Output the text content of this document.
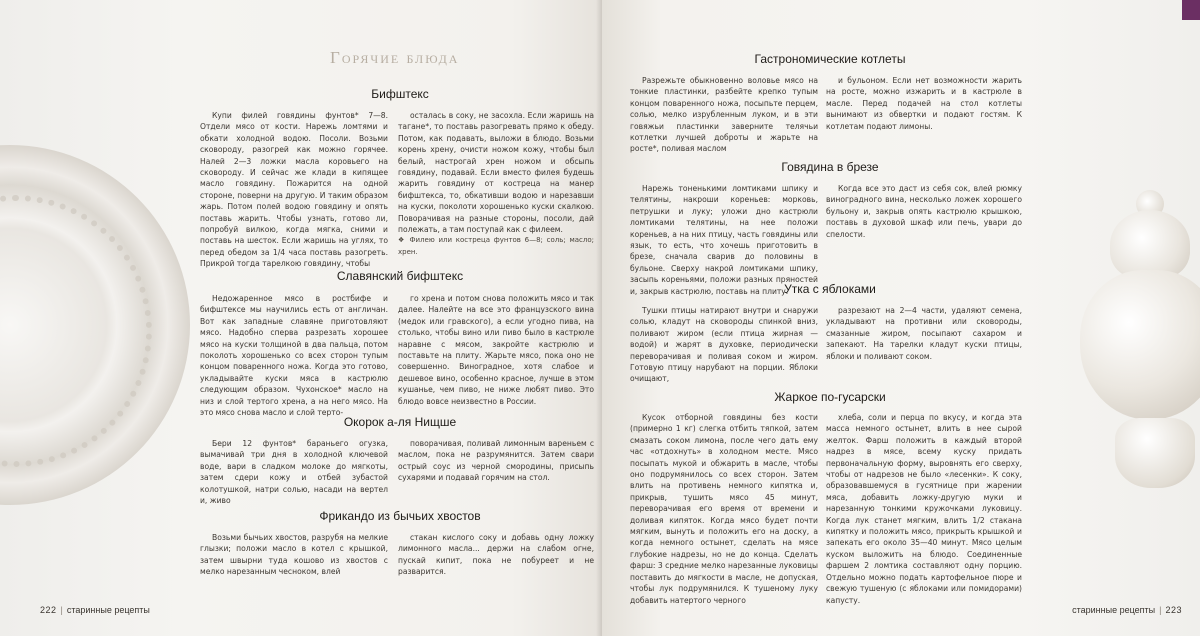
Горячие блюда
Бифштекс

Купи филей говядины фунтов* 7—8. Отдели мясо от кости. Нарежь ломтями и обкати холодной водою. Посоли. Возьми сковороду, разогрей как можно горячее. Налей 2—3 ложки масла коровьего на сковороду. И сейчас же клади в кипящее масло говядину. Пожарится на одной стороне, поверни на другую. И таким образом жарь. Потом полей водою говядину и опять поставь жарить. Чтобы узнать, готово ли, попробуй вилкою, когда мягка, сними и поставь на шесток. Если жаришь на углях, то перед обедом за 1/4 часа поставь разогреть. Прикрой тогда тарелкою говядину, чтобы

осталась в соку, не засохла. Если жаришь на тагане*, то поставь разогревать прямо к обеду. Потом, как подавать, выложи в блюдо. Возьми корень хрену, очисти ножом кожу, чтобы был белый, настрогай хрен ножом и обсыпь говядину, подавай. Если вместо филея будешь жарить говядину от костреца на манер бифштекса, то, обкативши водою и нарезавши на куски, поколоти хорошенько куски скалкою. Поворачивая на разные стороны, посоли, дай полежать, а там поступай как с филеем.

❖ Филею или кострецa фунтов 6—8; соль; масло; хрен.
Славянский бифштекс

Недожаренное мясо в ростбифе и бифштексе мы научились есть от англичан. Вот как западные славяне приготовляют мясо. Надобно сперва разрезать хорошее мясо на куски толщиной в два пальца, потом поколоть хорошенько со всех сторон тупым концом поваренного ножа. Когда это готово, укладывайте куски мяса в кастрюлю следующим образом. Чухонское* масло на низ и слой тертого хрена, а на него мясо. На это мясо снова масло и слой терто-

го хрена и потом снова положить мясо и так далее. Налейте на все это французского вина (медок или гравского), а если угодно пива, на столько, чтобы вино или пиво было в кастрюле наравне с мясом, закройте кастрюлю и поставьте на плиту. Жарьте мясо, пока оно не совершенно. Виноградное, хотя слабое и дешевое вино, особенно красное, лучше в этом кушанье, чем пиво, не ниже любят пиво. Это блюдо вовсе неизвестно в России.

Окорок а-ля Нищше

Бери 12 фунтов* бараньего огузка, вымачивай три дня в холодной ключевой воде, вари в сладком молоке до мягкоты, затем сдери кожу и отбей зубастой колотушкой, натри солью, насади на вертел и, живо

поворачивая, поливай лимонным вареньем с маслом, пока не разрумянится. Затем свари острый соус из черной смородины, присыпь сухарями и подавай горячим на стол.

Фрикандо из бычьих хвостов

Возьми бычьих хвостов, разрубя на мелкие глызки; положи масло в котел с крышкой, затем швырни туда кошово из хвостов с мелко нарезанным чесноком, влей

стакан кислого соку и добавь одну ложку лимонного масла... держи на слабом огне, пускай кипит, пока не побуреет и не разварится.

222 | старинные рецепты
Гастрономические котлеты

Разрежьте обыкновенно воловье мясо на тонкие пластинки, разбейте крепко тупым концом поваренного ножа, посыпьте перцем, солью, мелко изрубленным луком, и в эти говяжьи пластинки заверните телячьи котлетки лучшей доброты и жарьте на росте*, поливая маслом

и бульоном. Если нет возможности жарить на росте, можно изжарить и в кастрюле в масле. Перед подачей на стол котлеты вынимают из обвертки и подают гостям. К котлетам подают лимоны.

Говядина в брезе

Нарежь тоненькими ломтиками шпику и телятины, накроши кореньев: морковь, петрушки и луку; уложи дно кастрюли ломтиками телятины, на нее положи кореньев, а на них птицу, часть говядины или язык, то есть, что хочешь приготовить в брезе, сначала сварив до половины в бульоне. Сверху накрой ломтиками шпику, засыпь кореньями, положи разных пряностей и, закрыв кастрюлю, поставь на плиту.

Когда все это даст из себя сок, влей рюмку виноградного вина, несколько ложек хорошего бульону и, закрыв опять кастрюлю крышкою, поставь в духовой шкаф или печь, увари до спелости.

Утка с яблоками

Тушки птицы натирают внутри и снаружи солью, кладут на сковороды спинкой вниз, поливают жиром (если птица жирная — водой) и жарят в духовке, периодически переворачивая и поливая соком и жиром. Готовую птицу нарубают на порции. Яблоки очищают,

разрезают на 2—4 части, удаляют семена, укладывают на противни или сковороды, смазанные жиром, посыпают сахаром и запекают. На тарелки кладут куски птицы, яблоки и поливают соком.

Жаркое по-гусарски

Кусок отборной говядины без кости (примерно 1 кг) слегка отбить тяпкой, затем смазать соком лимона, после чего дать ему час «отдохнуть» в холодном месте. Мясо посыпать мукой и обжарить в масле, чтобы оно подрумянилось со всех сторон. Затем влить на противень немного кипятка и, прикрыв, тушить мясо 45 минут, переворачивая его время от времени и доливая кипяток. Когда мясо будет почти мягким, вынуть и положить его на доску, а когда немного остынет, сделать на мясе глубокие надрезы, но не до конца. Сделать фарш: 3 средние мелко нарезанные луковицы поставить до мягкости в масле, не допуская, чтобы лук подрумянился. К тушеному луку добавить натертого черного

хлеба, соли и перца по вкусу, и когда эта масса немного остынет, влить в нее сырой желток. Фарш положить в каждый второй надрез в мясе, всему куску придать первоначальную форму, выровнять его сверху, чтобы от надрезов не было «лесенки». К соку, образовавшемуся в гусятнице при жарении мяса, добавить ложку-другую муки и нарезанную тонкими кружочками луковицу. Когда лук станет мягким, влить 1/2 стакана кипятку и положить мясо, прикрыть крышкой и запекать его около 35—40 минут. Мясо целым куском выложить на блюдо. Соединенные фаршем 2 ломтика составляют одну порцию. Отдельно можно подать картофельное пюре и свежую тушеную (с яблоками или помидорами) капусту.

старинные рецепты | 223
